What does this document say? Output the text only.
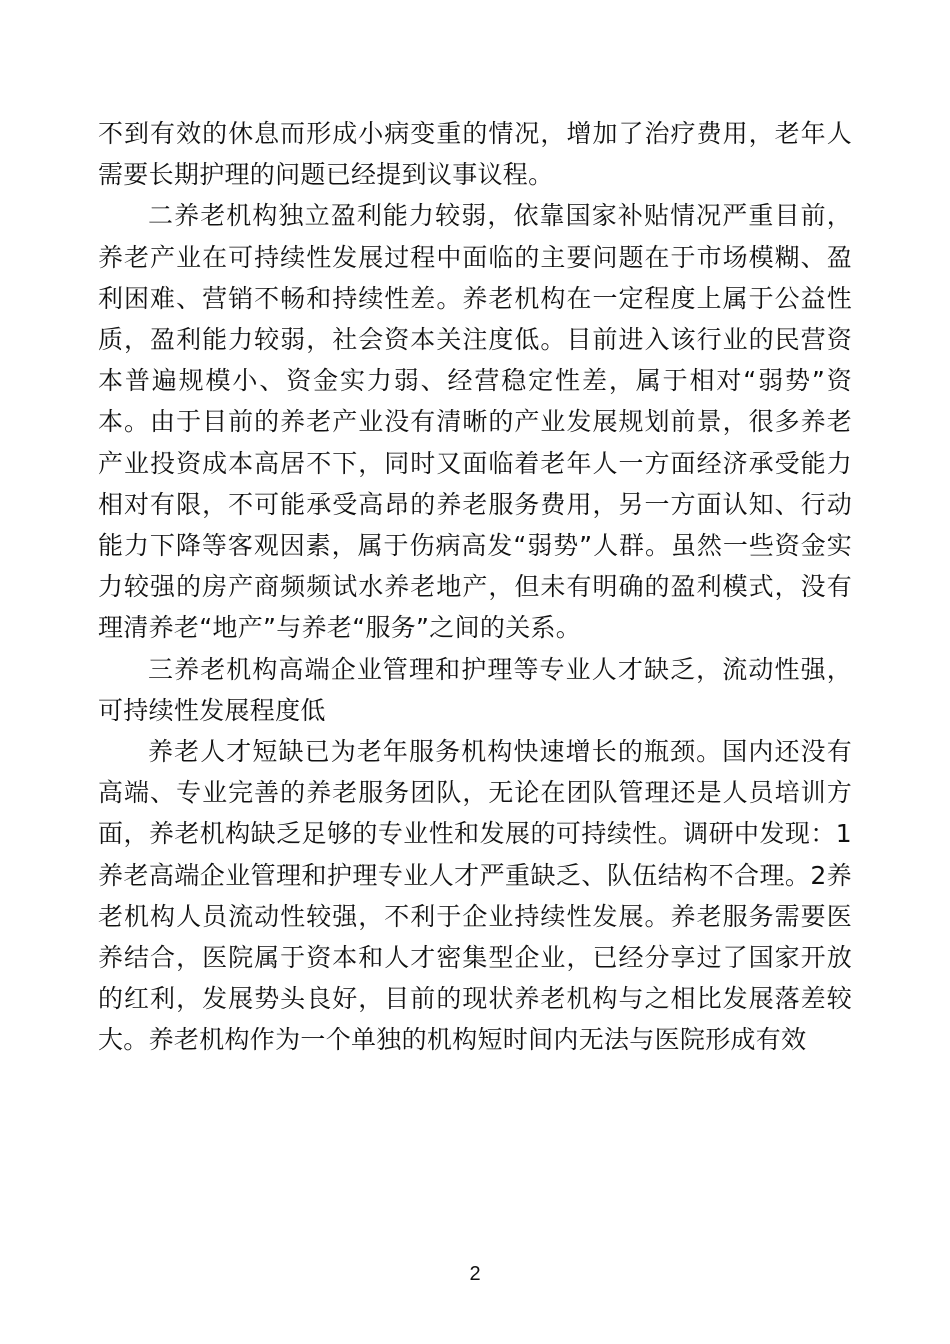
不到有效的休息而形成小病变重的情况，增加了治疗费用，老年人需要长期护理的问题已经提到议事议程。

二养老机构独立盈利能力较弱，依靠国家补贴情况严重目前，养老产业在可持续性发展过程中面临的主要问题在于市场模糊、盈利困难、营销不畅和持续性差。养老机构在一定程度上属于公益性质，盈利能力较弱，社会资本关注度低。目前进入该行业的民营资本普遍规模小、资金实力弱、经营稳定性差，属于相对“弱势”资本。由于目前的养老产业没有清晰的产业发展规划前景，很多养老产业投资成本高居不下，同时又面临着老年人一方面经济承受能力相对有限，不可能承受高昂的养老服务费用，另一方面认知、行动能力下降等客观因素，属于伤病高发“弱势”人群。虽然一些资金实力较强的房产商频频试水养老地产，但未有明确的盈利模式，没有理清养老“地产”与养老“服务”之间的关系。

三养老机构高端企业管理和护理等专业人才缺乏，流动性强，可持续性发展程度低

养老人才短缺已为老年服务机构快速增长的瓶颈。国内还没有高端、专业完善的养老服务团队，无论在团队管理还是人员培训方面，养老机构缺乏足够的专业性和发展的可持续性。调研中发现：1养老高端企业管理和护理专业人才严重缺乏、队伍结构不合理。2养老机构人员流动性较强，不利于企业持续性发展。养老服务需要医养结合，医院属于资本和人才密集型企业，已经分享过了国家开放的红利，发展势头良好，目前的现状养老机构与之相比发展落差较大。养老机构作为一个单独的机构短时间内无法与医院形成有效

2
